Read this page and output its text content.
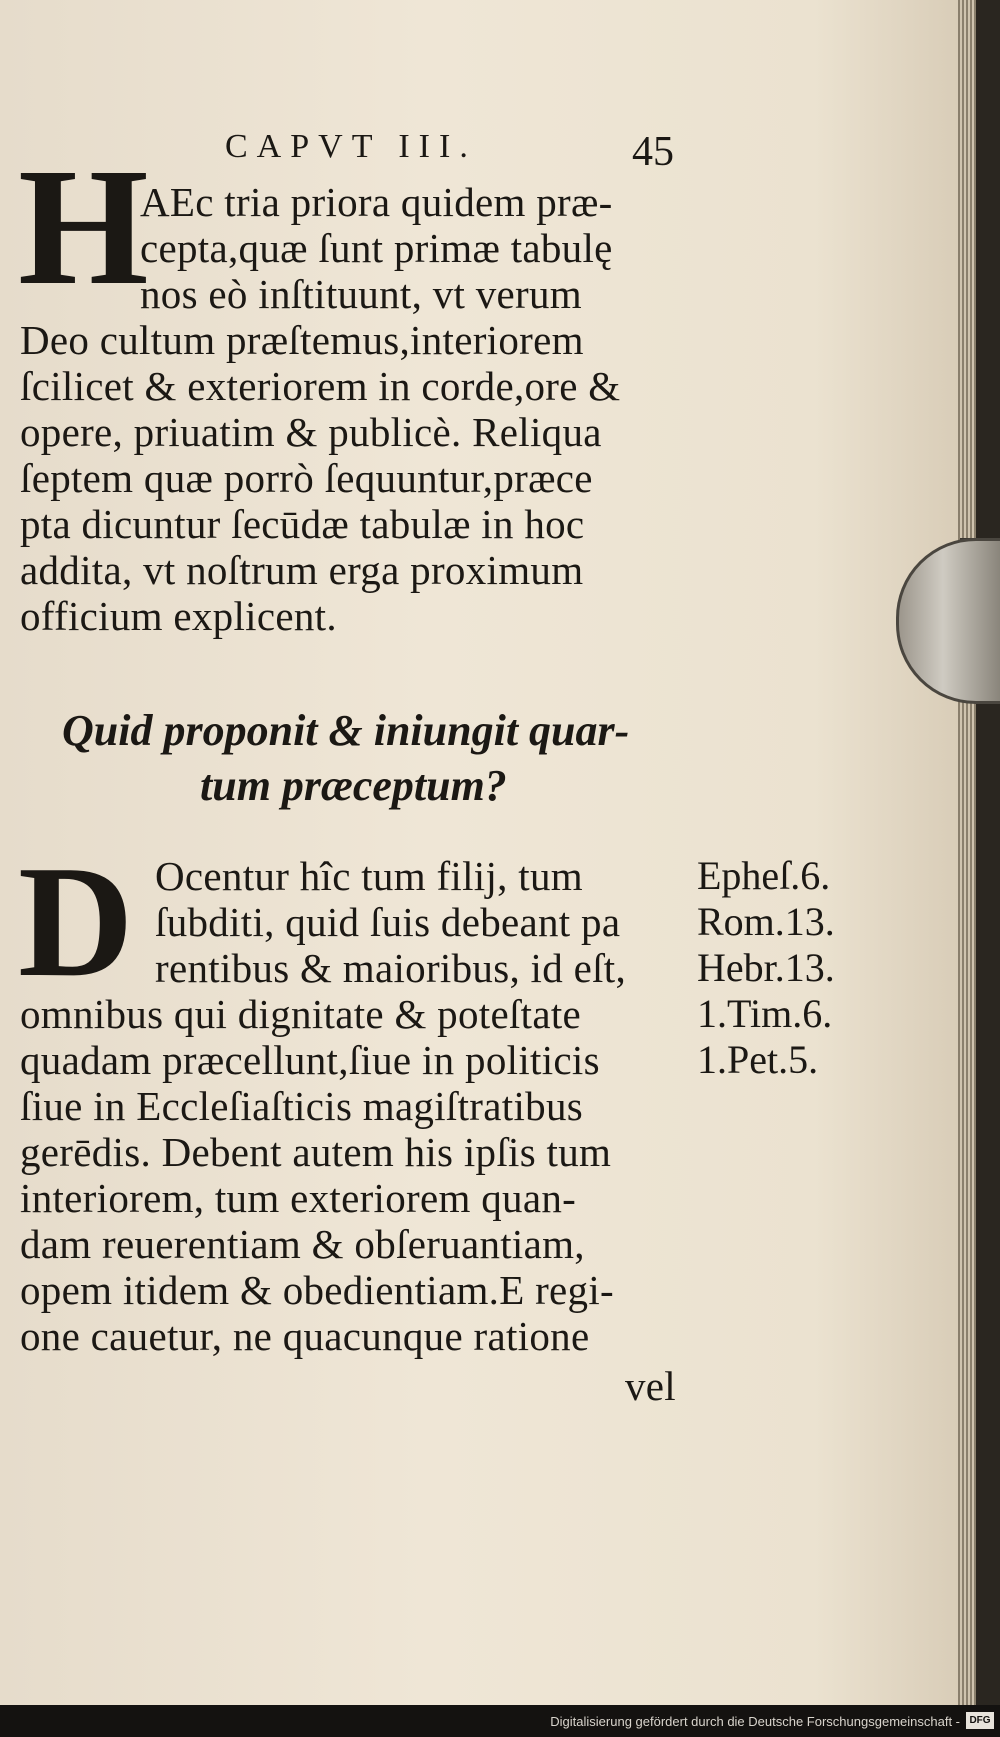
CAPVT III.	45
H
AEc tria priora quidem præ-
cepta,quæ ſunt primæ tabulę
nos eò inſtituunt, vt verum
Deo cultum præſtemus,interiorem
ſcilicet & exteriorem in corde,ore &
opere, priuatim & publicè. Reliqua
ſeptem quæ porrò ſequuntur,præce
pta dicuntur ſecūdæ tabulæ in hoc
addita, vt noſtrum erga proximum
officium explicent.
Quid proponit & iniungit quar-
tum præceptum?
D Ocentur hîc tum filij, tum
ſubditi, quid ſuis debeant pa
rentibus & maioribus, id eſt,
omnibus qui dignitate & poteſtate
quadam præcellunt,ſiue in politicis
ſiue in Eccleſiaſticis magiſtratibus
gerēdis. Debent autem his ipſis tum
interiorem, tum exteriorem quan-
dam reuerentiam & obſeruantiam,
opem itidem & obedientiam.E regi-
one cauetur, ne quacunque ratione
vel
Epheſ.6.
Rom.13.
Hebr.13.
1.Tim.6.
1.Pet.5.
Digitalisierung gefördert durch die Deutsche Forschungsgemeinschaft - DFG
